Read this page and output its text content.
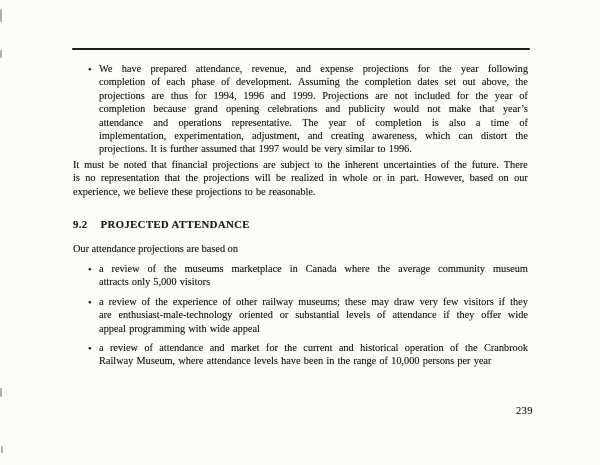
• We have prepared attendance, revenue, and expense projections for the year following
completion of each phase of development. Assuming the completion dates set out above, the
projections are thus for 1994, 1996 and 1999. Projections are not included for the year of
completion because grand opening celebrations and publicity would not make that year’s
attendance and operations representative. The year of completion is also a time of
implementation, experimentation, adjustment, and creating awareness, which can distort the
projections. It is further assumed that 1997 would be very similar to 1996.
It must be noted that financial projections are subject to the inherent uncertainties of the future. There
is no representation that the projections will be realized in whole or in part. However, based on our
experience, we believe these projections to be reasonable.
9.2 PROJECTED ATTENDANCE
Our attendance projections are based on
• a review of the museums marketplace in Canada where the average community museum
attracts only 5,000 visitors
• a review of the experience of other railway museums; these may draw very few visitors if they
are enthusiast-male-technology oriented or substantial levels of attendance if they offer wide
appeal programming with wide appeal
• a review of attendance and market for the current and historical operation of the Cranbrook
Railway Museum, where attendance levels have been in the range of 10,000 persons per year
239
